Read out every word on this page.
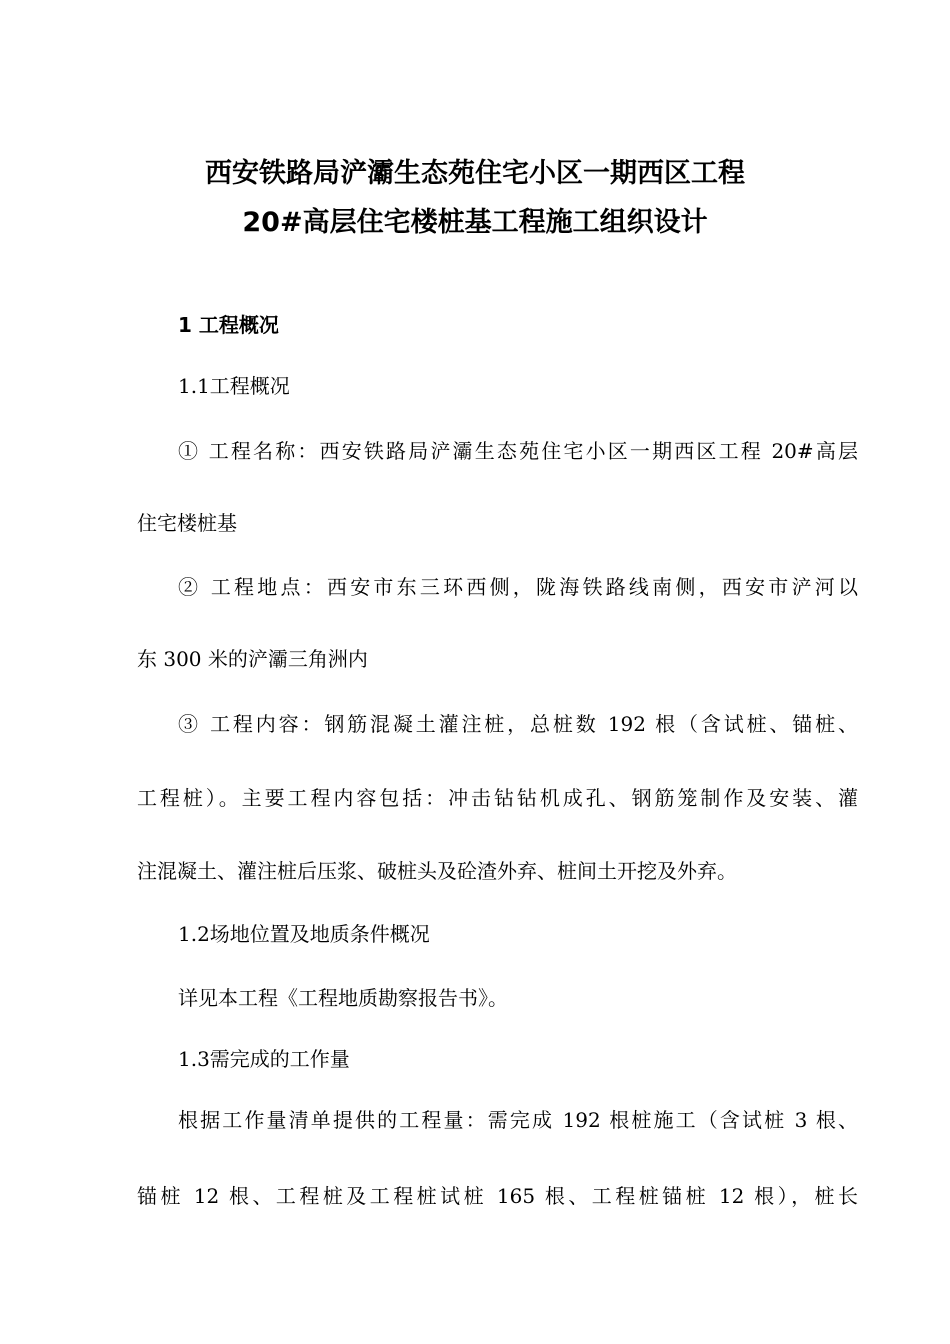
西安铁路局浐灞生态苑住宅小区一期西区工程
20#高层住宅楼桩基工程施工组织设计
1 工程概况
1.1工程概况
① 工程名称：西安铁路局浐灞生态苑住宅小区一期西区工程 20#高层
住宅楼桩基
② 工程地点：西安市东三环西侧，陇海铁路线南侧，西安市浐河以
东 300 米的浐灞三角洲内
③ 工程内容：钢筋混凝土灌注桩，总桩数 192 根（含试桩、锚桩、
工程桩）。主要工程内容包括：冲击钻钻机成孔、钢筋笼制作及安装、灌
注混凝土、灌注桩后压浆、破桩头及砼渣外弃、桩间土开挖及外弃。
1.2场地位置及地质条件概况
详见本工程《工程地质勘察报告书》。
1.3需完成的工作量
根据工作量清单提供的工程量：需完成 192 根桩施工（含试桩 3 根、
锚桩 12 根、工程桩及工程桩试桩 165 根、工程桩锚桩 12 根），桩长
